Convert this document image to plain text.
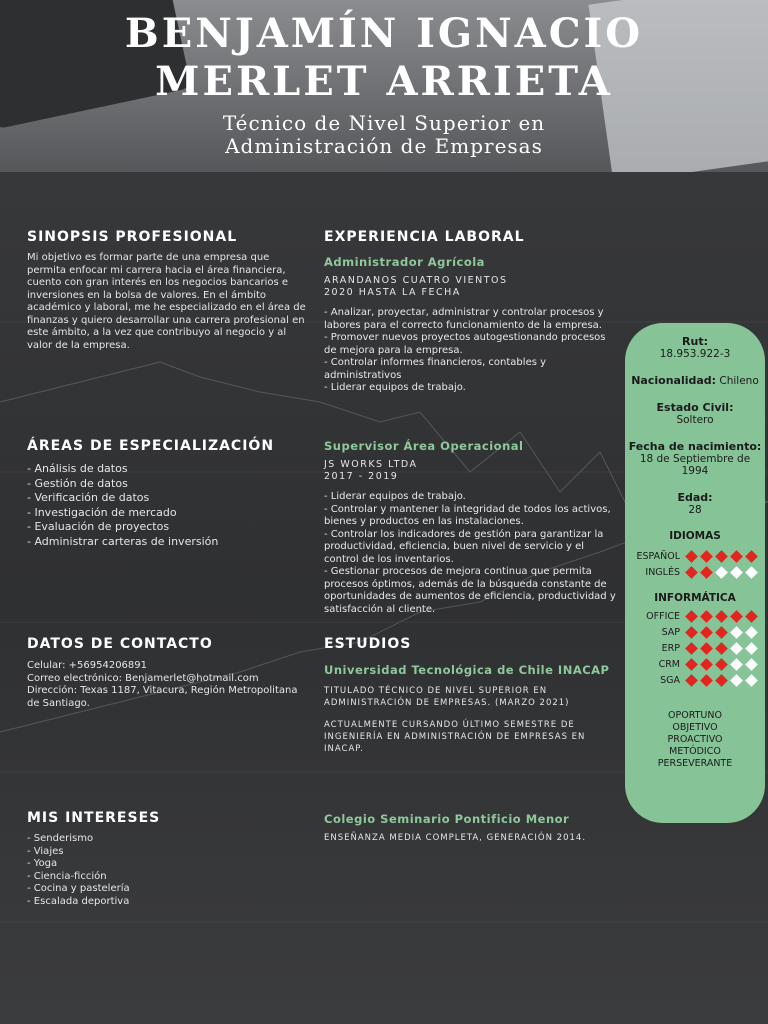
BENJAMÍN IGNACIO
MERLET ARRIETA
Técnico de Nivel Superior en
Administración de Empresas
SINOPSIS PROFESIONAL
Mi objetivo es formar parte de una empresa que permita enfocar mi carrera hacia el área financiera, cuento con gran interés en los negocios bancarios e inversiones en la bolsa de valores. En el ámbito académico y laboral, me he especializado en el área de finanzas y quiero desarrollar una carrera profesional en este ámbito, a la vez que contribuyo al negocio y al valor de la empresa.
ÁREAS DE ESPECIALIZACIÓN
- Análisis de datos
- Gestión de datos
- Verificación de datos
- Investigación de mercado
- Evaluación de proyectos
- Administrar carteras de inversión
DATOS DE CONTACTO
Celular: +56954206891
Correo electrónico: Benjamerlet@hotmail.com
Dirección: Texas 1187, Vitacura, Región Metropolitana de Santiago.
MIS INTERESES
- Senderismo
- Viajes
- Yoga
- Ciencia-ficción
- Cocina y pastelería
- Escalada deportiva
EXPERIENCIA LABORAL
Administrador Agrícola
ARANDANOS CUATRO VIENTOS
2020 HASTA LA FECHA
- Analizar, proyectar, administrar y controlar procesos y labores para el correcto funcionamiento de la empresa.
- Promover nuevos proyectos autogestionando procesos de mejora para la empresa.
- Controlar informes financieros, contables y administrativos
- Liderar equipos de trabajo.
Supervisor Área Operacional
JS WORKS LTDA
2017 - 2019
- Liderar equipos de trabajo.
- Controlar y mantener la integridad de todos los activos, bienes y productos en las instalaciones.
- Controlar los indicadores de gestión para garantizar la productividad, eficiencia, buen nivel de servicio y el control de los inventarios.
- Gestionar procesos de mejora continua que permita procesos óptimos, además de la búsqueda constante de oportunidades de aumentos de eficiencia, productividad y satisfacción al cliente.
ESTUDIOS
Universidad Tecnológica de Chile INACAP
TITULADO TÉCNICO DE NIVEL SUPERIOR EN ADMINISTRACIÓN DE EMPRESAS. (MARZO 2021)
ACTUALMENTE CURSANDO ÚLTIMO SEMESTRE DE INGENIERÍA EN ADMINISTRACIÓN DE EMPRESAS EN INACAP.
Colegio Seminario Pontificio Menor
ENSEÑANZA MEDIA COMPLETA, GENERACIÓN 2014.
Rut:
18.953.922-3
Nacionalidad: Chileno
Estado Civil:
Soltero
Fecha de nacimiento:
18 de Septiembre de 1994
Edad:
28
IDIOMAS
ESPAÑOL
INGLÉS
INFORMÁTICA
OFFICE
SAP
ERP
CRM
SGA
OPORTUNO
OBJETIVO
PROACTIVO
METÓDICO
PERSEVERANTE
